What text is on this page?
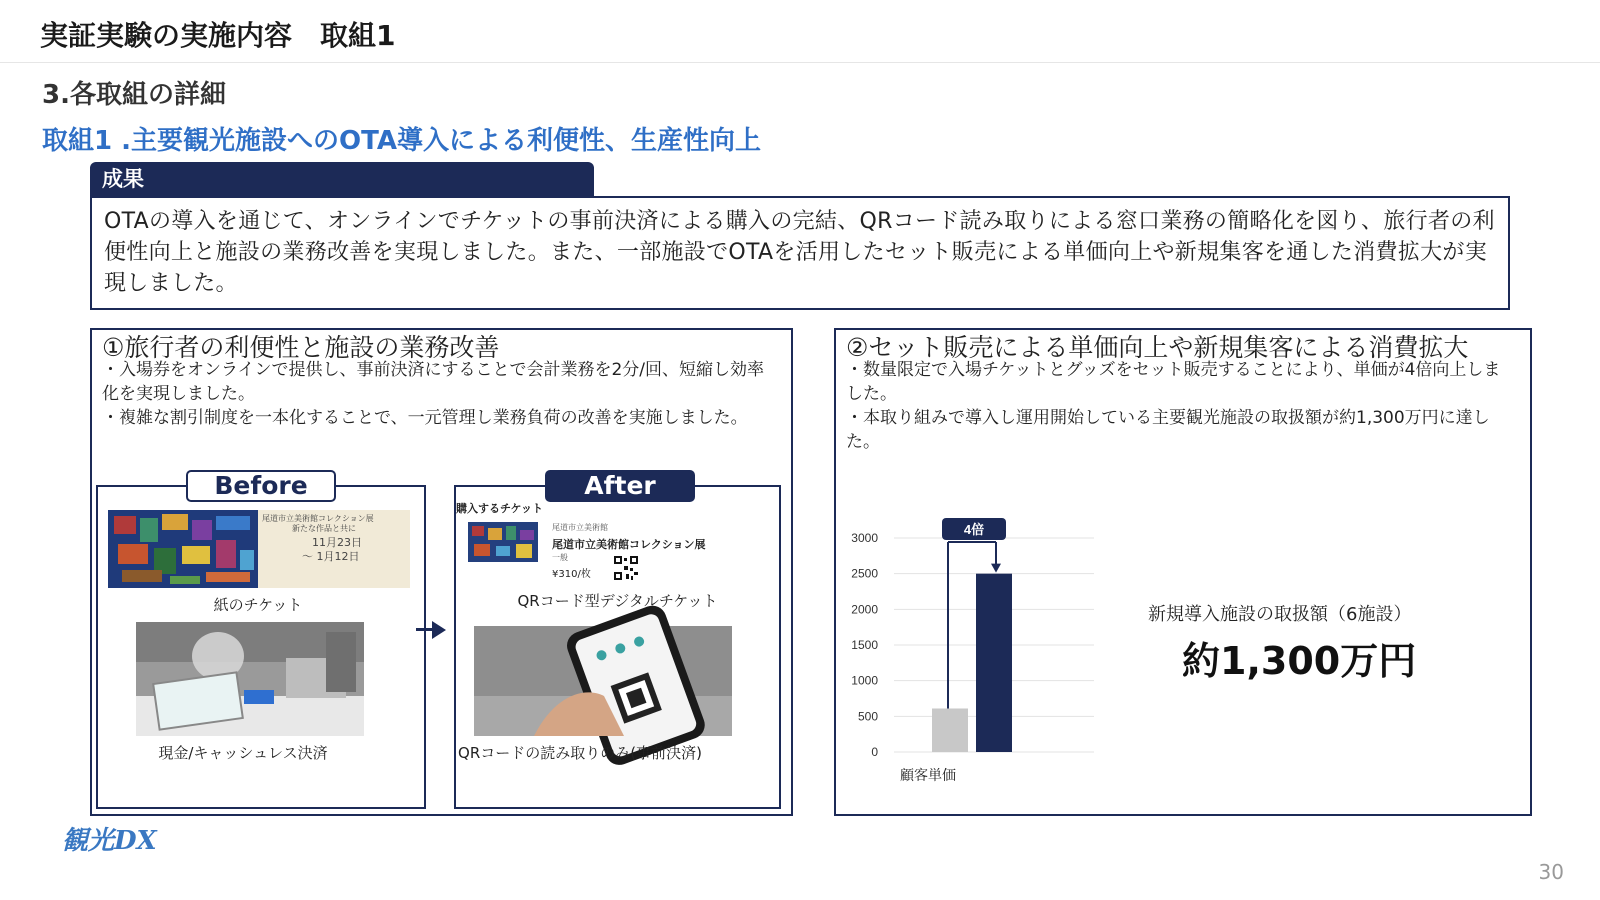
実証実験の実施内容　取組1
3.各取組の詳細
取組1 .主要観光施設へのOTA導入による利便性、生産性向上
成果
OTAの導入を通じて、オンラインでチケットの事前決済による購入の完結、QRコード読み取りによる窓口業務の簡略化を図り、旅行者の利便性向上と施設の業務改善を実現しました。また、一部施設でOTAを活用したセット販売による単価向上や新規集客を通した消費拡大が実現しました。
①旅行者の利便性と施設の業務改善
・入場券をオンラインで提供し、事前決済にすることで会計業務を2分/回、短縮し効率化を実現しました。
・複雑な割引制度を一本化することで、一元管理し業務負荷の改善を実施しました。
Before
尾道市立美術館コレクション展
新たな作品と共に
11月23日
～ 1月12日
紙のチケット
現金/キャッシュレス決済
After
購入するチケット
尾道市立美術館
尾道市立美術館コレクション展
一般
¥310/枚
QRコード型デジタルチケット
QRコードの読み取りのみ(事前決済)
②セット販売による単価向上や新規集客による消費拡大
・数量限定で入場チケットとグッズをセット販売することにより、単価が4倍向上しました。
・本取り組みで導入し運用開始している主要観光施設の取扱額が約1,300万円に達した。
3000
2500
2000
1500
1000
500
0
4倍
顧客単価
新規導入施設の取扱額（6施設）
約1,300万円
観光DX
30
